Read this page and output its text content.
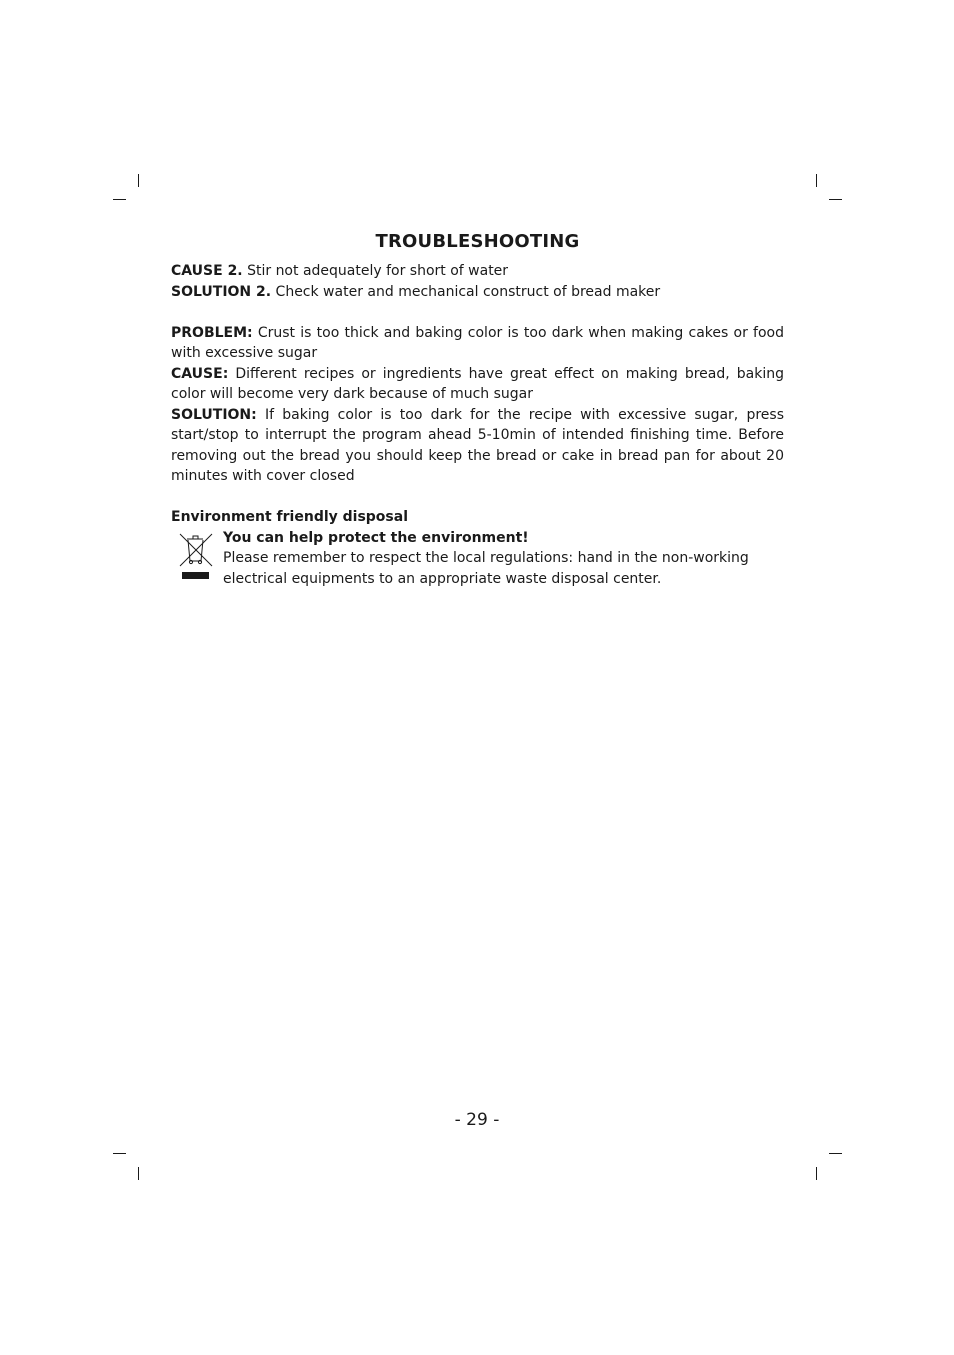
TROUBLESHOOTING

CAUSE 2. Stir not adequately for short of water

SOLUTION 2. Check water and mechanical construct of bread maker

PROBLEM: Crust is too thick and baking color is too dark when making cakes or food with excessive sugar

CAUSE: Different recipes or ingredients have great effect on making bread, baking color will become very dark because of much sugar

SOLUTION: If baking color is too dark for the recipe with excessive sugar, press start/stop to interrupt the program ahead 5-10min of intended finishing time. Before removing out the bread you should keep the bread or cake in bread pan for about 20 minutes with cover closed

Environment friendly disposal

You can help protect the environment!
Please remember to respect the local regulations: hand in the non-working electrical equipments to an appropriate waste disposal center.
- 29 -
